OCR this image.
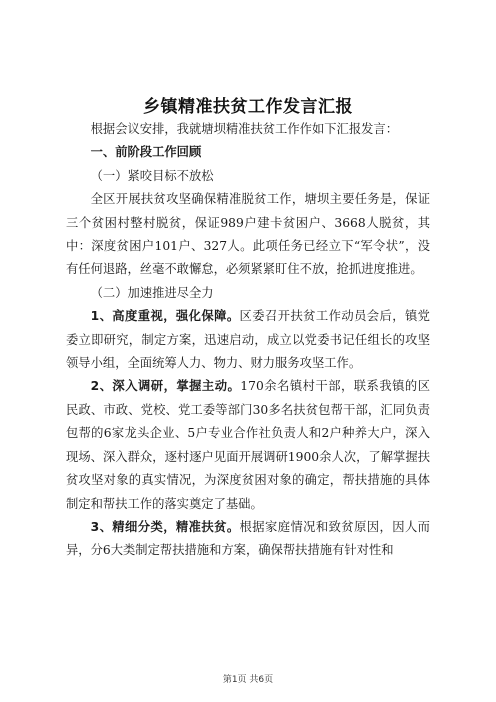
乡镇精准扶贫工作发言汇报

根据会议安排，我就塘坝精准扶贫工作作如下汇报发言：

一、前阶段工作回顾

（一）紧咬目标不放松

全区开展扶贫攻坚确保精准脱贫工作，塘坝主要任务是，保证三个贫困村整村脱贫，保证989户建卡贫困户、3668人脱贫，其中：深度贫困户101户、327人。此项任务已经立下“军令状”，没有任何退路，丝毫不敢懈怠，必须紧紧盯住不放，抢抓进度推进。

（二）加速推进尽全力

1、高度重视，强化保障。区委召开扶贫工作动员会后，镇党委立即研究，制定方案，迅速启动，成立以党委书记任组长的攻坚领导小组，全面统筹人力、物力、财力服务攻坚工作。

2、深入调研，掌握主动。170余名镇村干部，联系我镇的区民政、市政、党校、党工委等部门30多名扶贫包帮干部，汇同负责包帮的6家龙头企业、5户专业合作社负责人和2户种养大户，深入现场、深入群众，逐村逐户见面开展调研1900余人次，了解掌握扶贫攻坚对象的真实情况，为深度贫困对象的确定，帮扶措施的具体制定和帮扶工作的落实奠定了基础。

3、精细分类，精准扶贫。根据家庭情况和致贫原因，因人而异，分6大类制定帮扶措施和方案，确保帮扶措施有针对性和

第1页 共6页
